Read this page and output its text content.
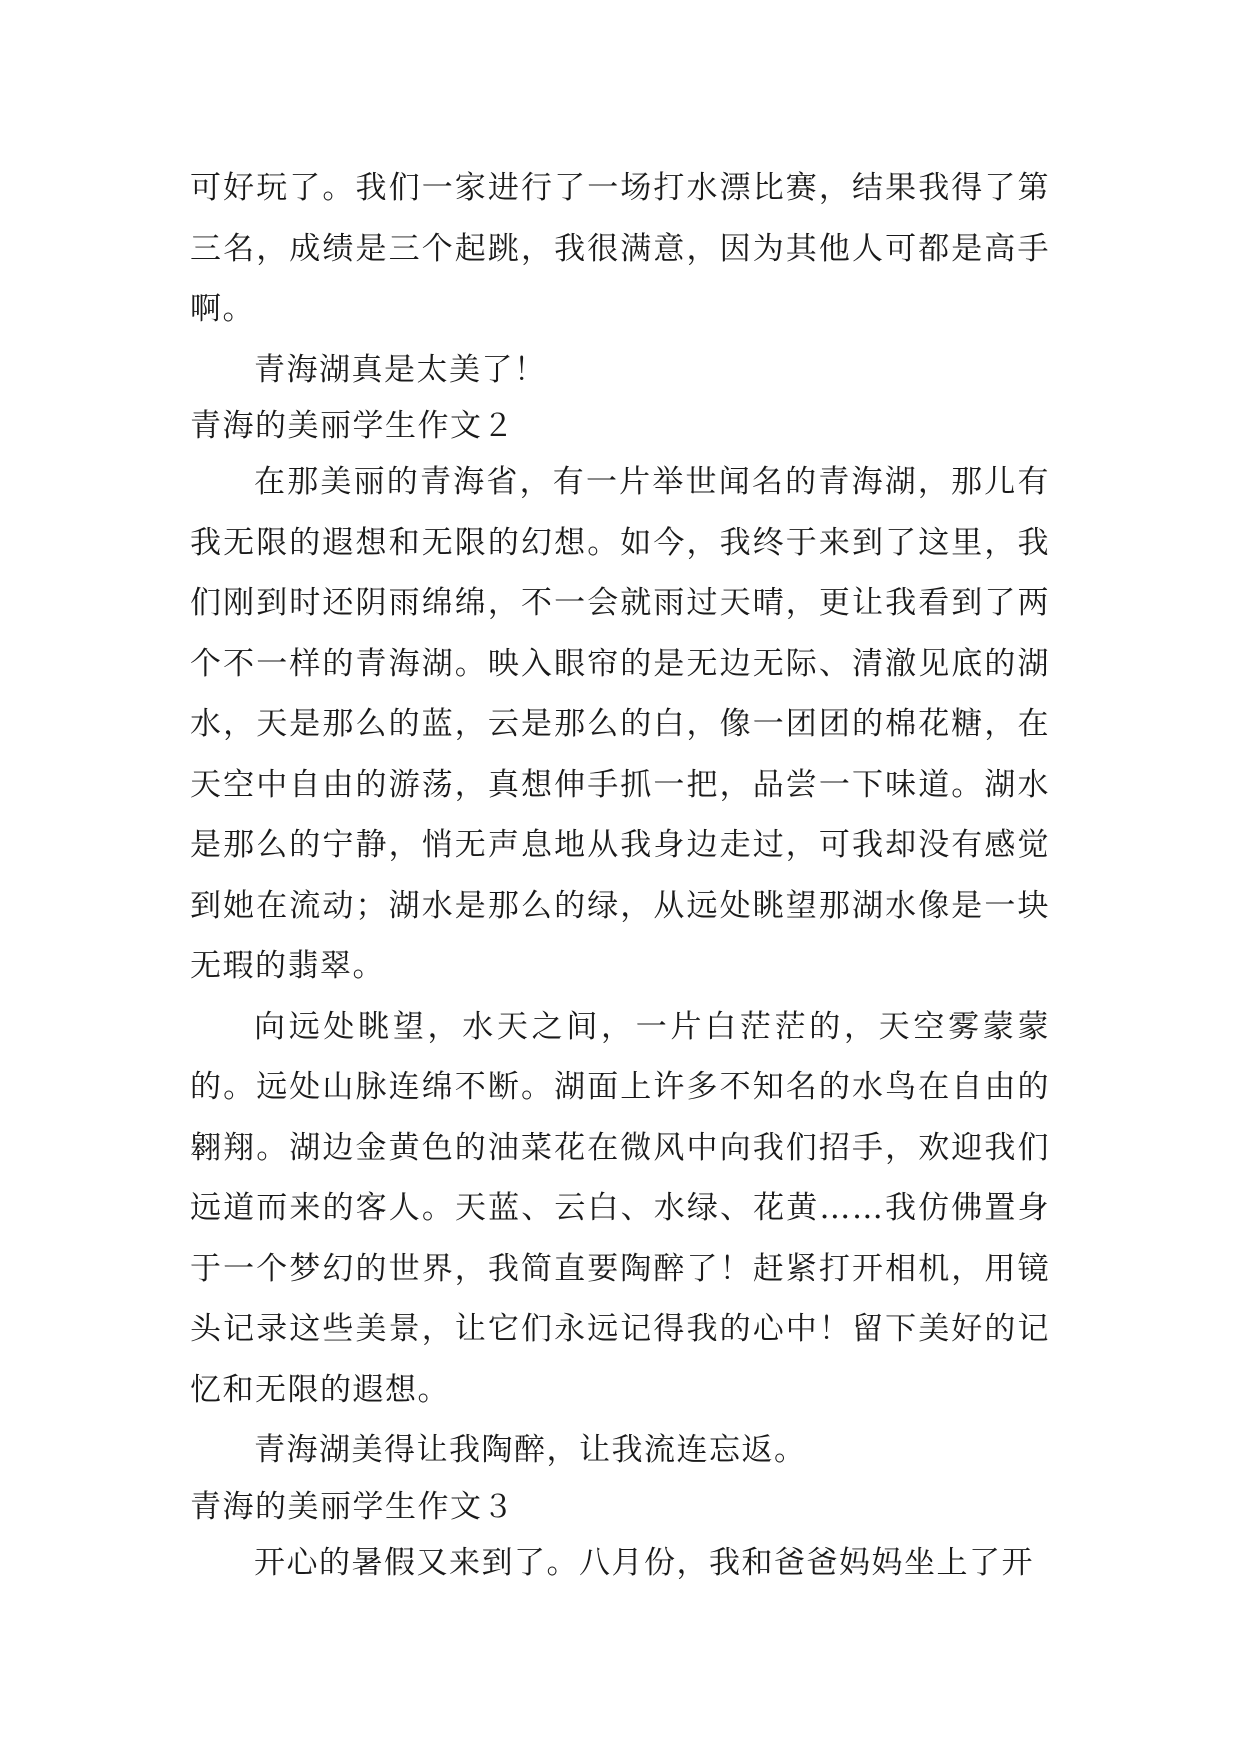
可好玩了。我们一家进行了一场打水漂比赛，结果我得了第三名，成绩是三个起跳，我很满意，因为其他人可都是高手啊。

青海湖真是太美了！

青海的美丽学生作文２

在那美丽的青海省，有一片举世闻名的青海湖，那儿有我无限的遐想和无限的幻想。如今，我终于来到了这里，我们刚到时还阴雨绵绵，不一会就雨过天晴，更让我看到了两个不一样的青海湖。映入眼帘的是无边无际、清澈见底的湖水，天是那么的蓝，云是那么的白，像一团团的棉花糖，在天空中自由的游荡，真想伸手抓一把，品尝一下味道。湖水是那么的宁静，悄无声息地从我身边走过，可我却没有感觉到她在流动；湖水是那么的绿，从远处眺望那湖水像是一块无瑕的翡翠。

向远处眺望，水天之间，一片白茫茫的，天空雾蒙蒙的。远处山脉连绵不断。湖面上许多不知名的水鸟在自由的翱翔。湖边金黄色的油菜花在微风中向我们招手，欢迎我们远道而来的客人。天蓝、云白、水绿、花黄……我仿佛置身于一个梦幻的世界，我简直要陶醉了！赶紧打开相机，用镜头记录这些美景，让它们永远记得我的心中！留下美好的记忆和无限的遐想。

青海湖美得让我陶醉，让我流连忘返。

青海的美丽学生作文３

开心的暑假又来到了。八月份，我和爸爸妈妈坐上了开
